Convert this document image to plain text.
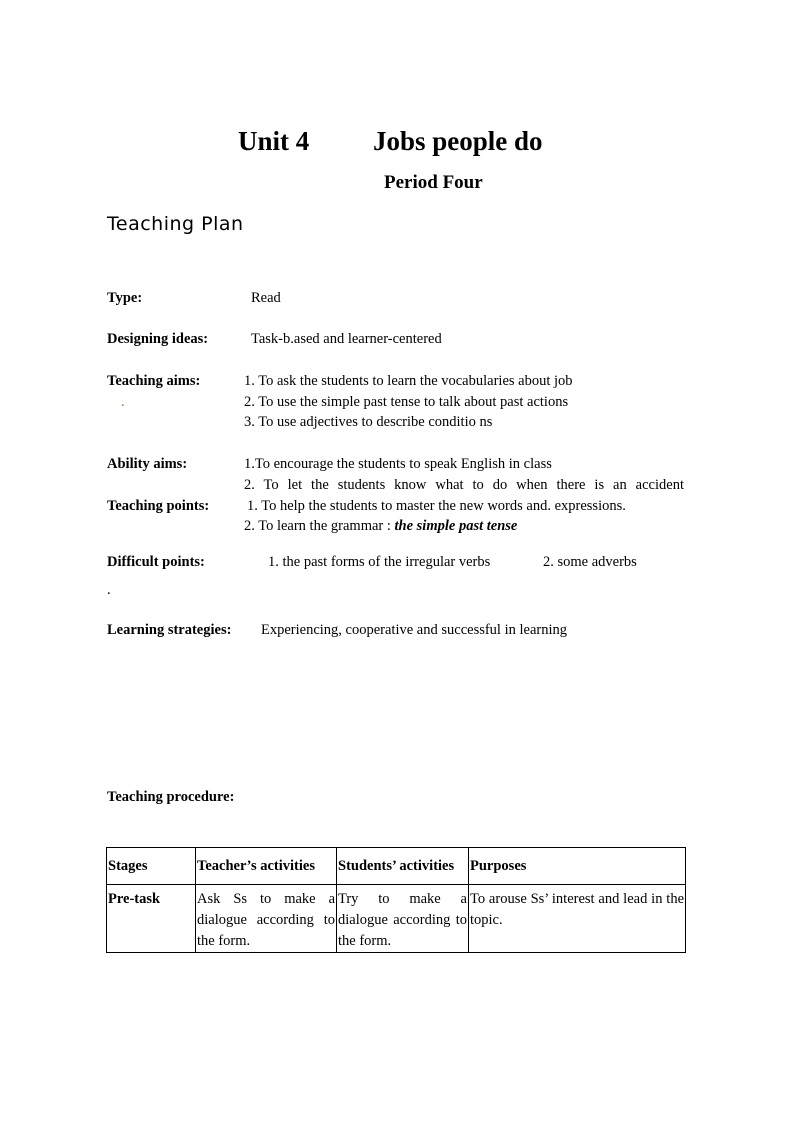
Unit 4 Jobs people do
Period Four
Teaching Plan
Type:	Read
Designing ideas:	Task-b.ased and learner-centered
Teaching aims:
.
1. To ask the students to learn the vocabularies about job
2. To use the simple past tense to talk about past actions
3. To use adjectives to describe conditio ns
Ability aims:	1.To encourage the students to speak English in class
2. To let the students know what to do when there is an accident
Teaching points:	1. To help the students to master the new words and. expressions.
2. To learn the grammar : the simple past tense
Difficult points:	1. the past forms of the irregular verbs	2. some adverbs
.
Learning strategies: Experiencing, cooperative and successful in learning
Teaching procedure:
Stages	Teacher’s activities	Students’ activities	Purposes
Pre-task	Ask Ss to make a dialogue according to the form.	Try to make a dialogue according to the form.	To arouse Ss’ interest and lead in the topic.
